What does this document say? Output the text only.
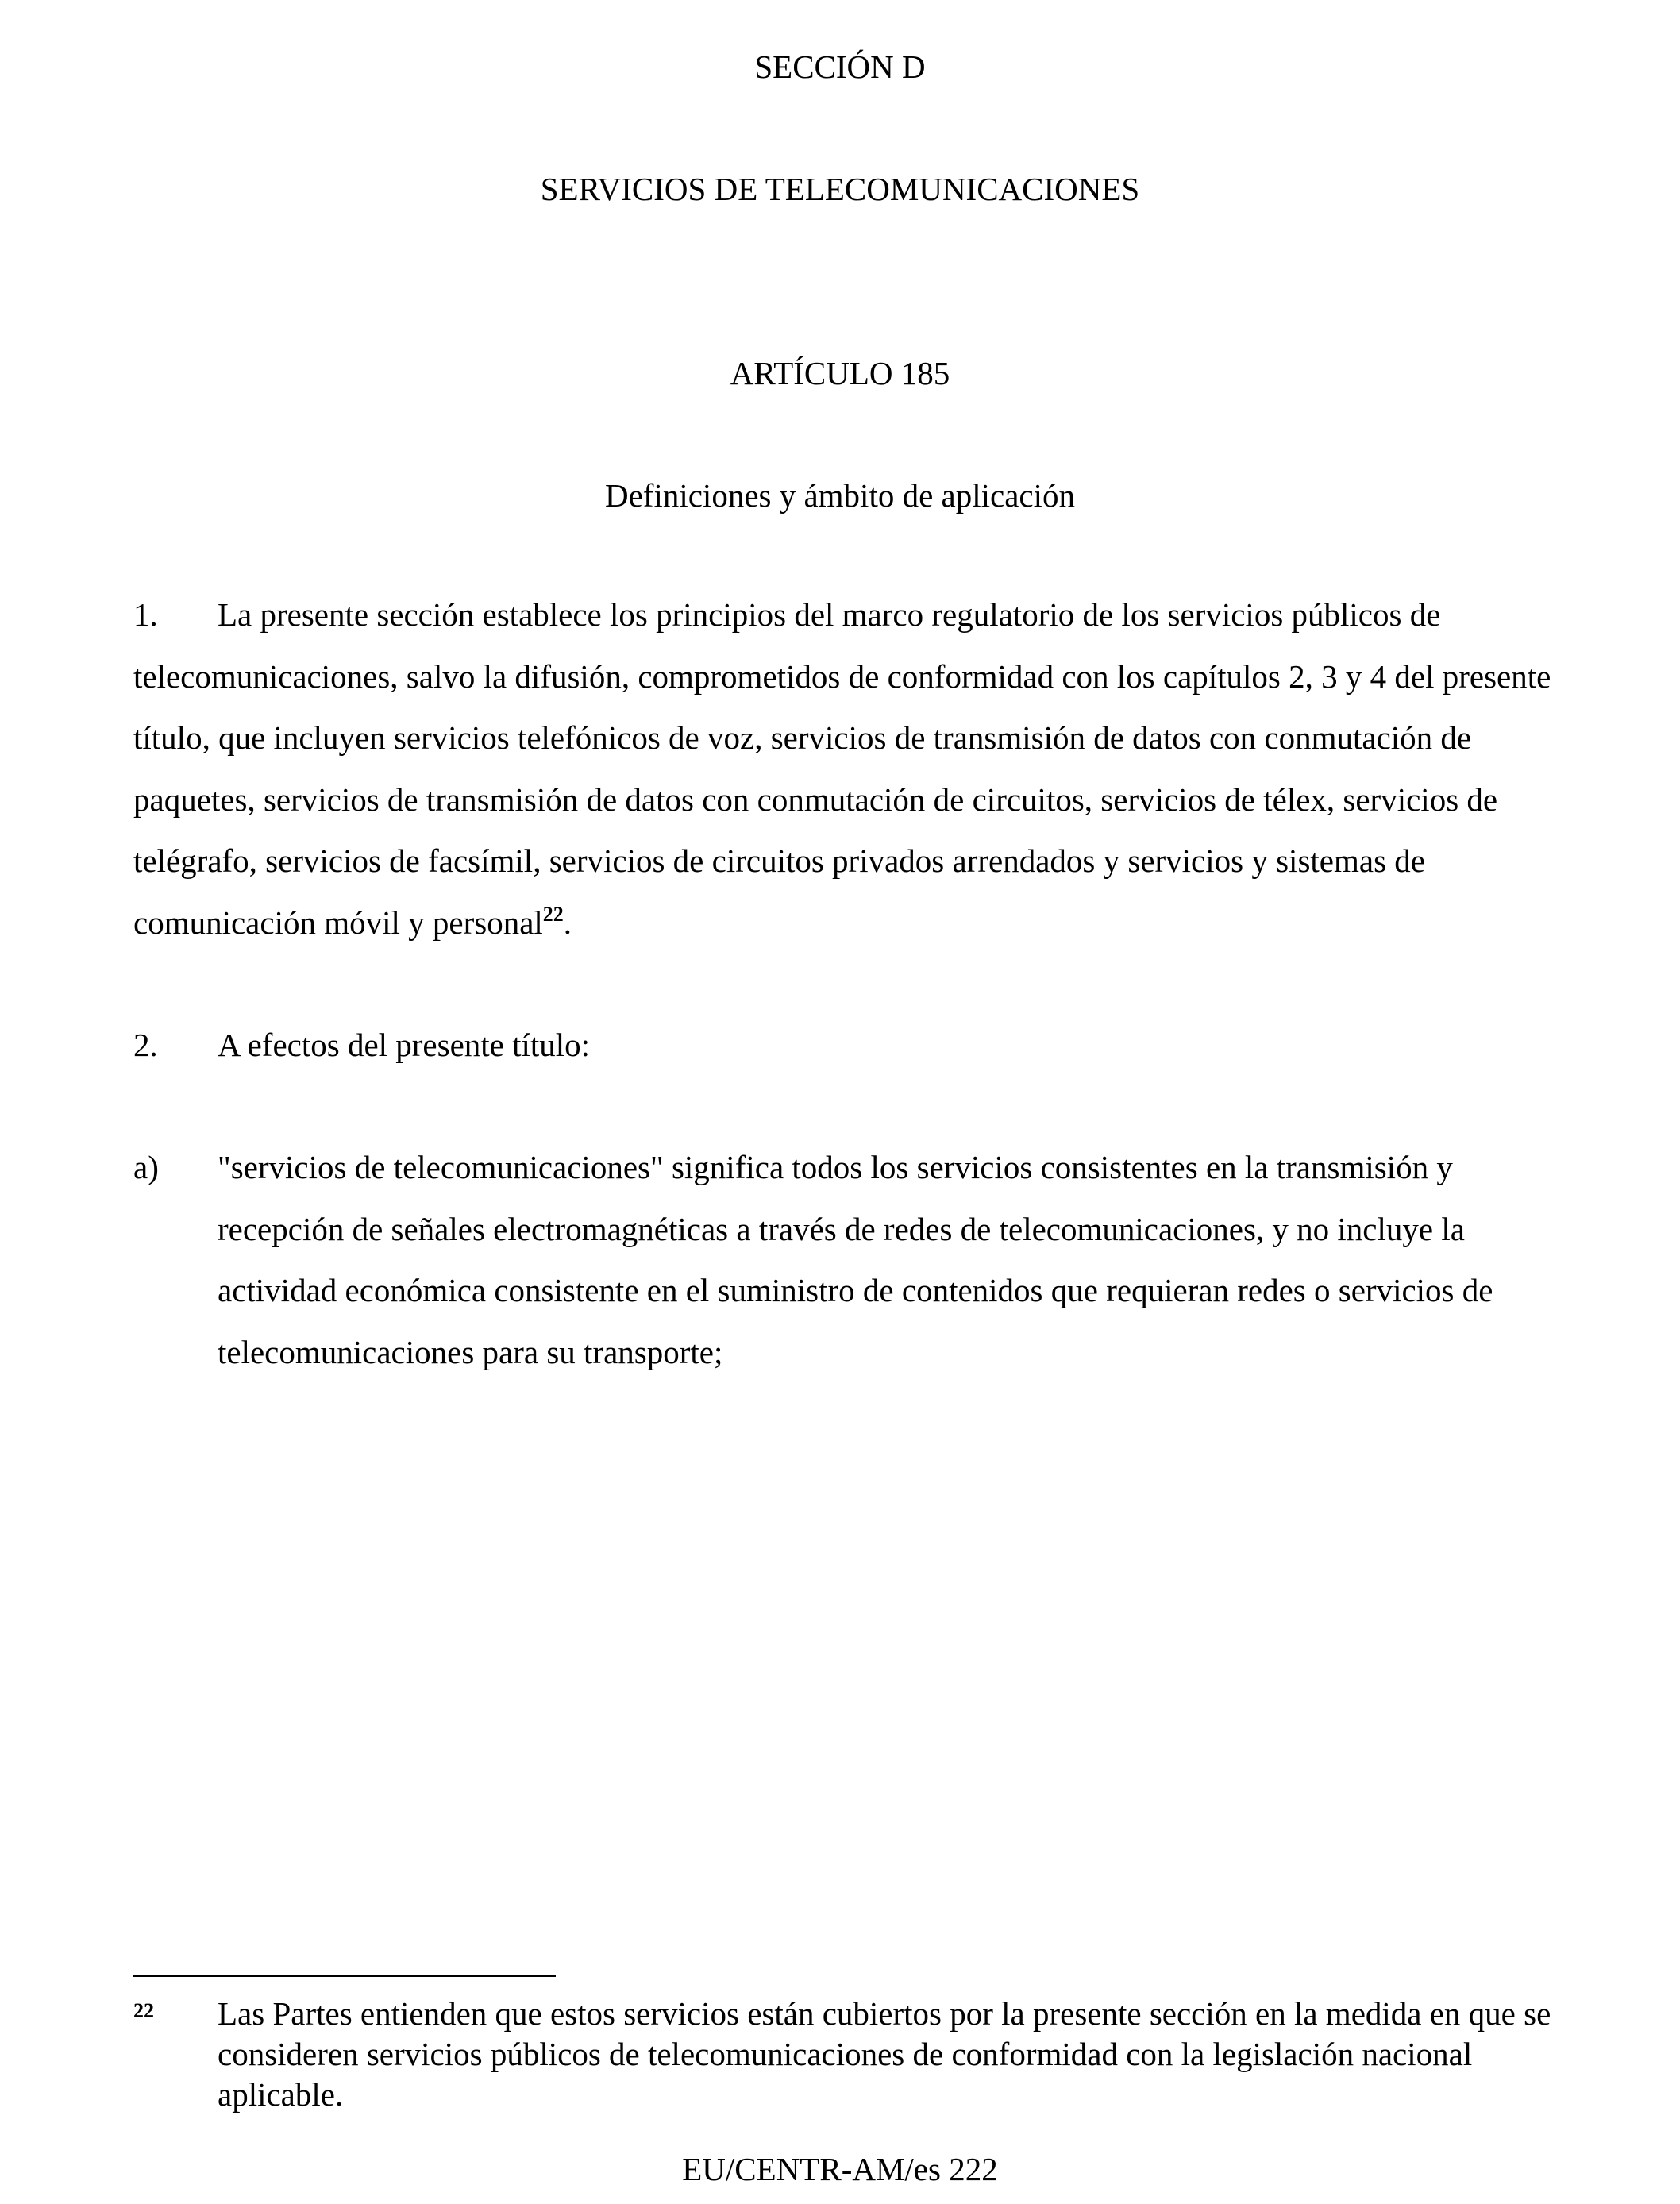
SECCIÓN D
SERVICIOS DE TELECOMUNICACIONES
ARTÍCULO 185
Definiciones y ámbito de aplicación
1. La presente sección establece los principios del marco regulatorio de los servicios públicos de telecomunicaciones, salvo la difusión, comprometidos de conformidad con los capítulos 2, 3 y 4 del presente título, que incluyen servicios telefónicos de voz, servicios de transmisión de datos con conmutación de paquetes, servicios de transmisión de datos con conmutación de circuitos, servicios de télex, servicios de telégrafo, servicios de facsímil, servicios de circuitos privados arrendados y servicios y sistemas de comunicación móvil y personal$^{22}$.
2. A efectos del presente título:
a) "servicios de telecomunicaciones" significa todos los servicios consistentes en la transmisión y recepción de señales electromagnéticas a través de redes de telecomunicaciones, y no incluye la actividad económica consistente en el suministro de contenidos que requieran redes o servicios de telecomunicaciones para su transporte;
22 Las Partes entienden que estos servicios están cubiertos por la presente sección en la medida en que se consideren servicios públicos de telecomunicaciones de conformidad con la legislación nacional aplicable.
EU/CENTR-AM/es 222
